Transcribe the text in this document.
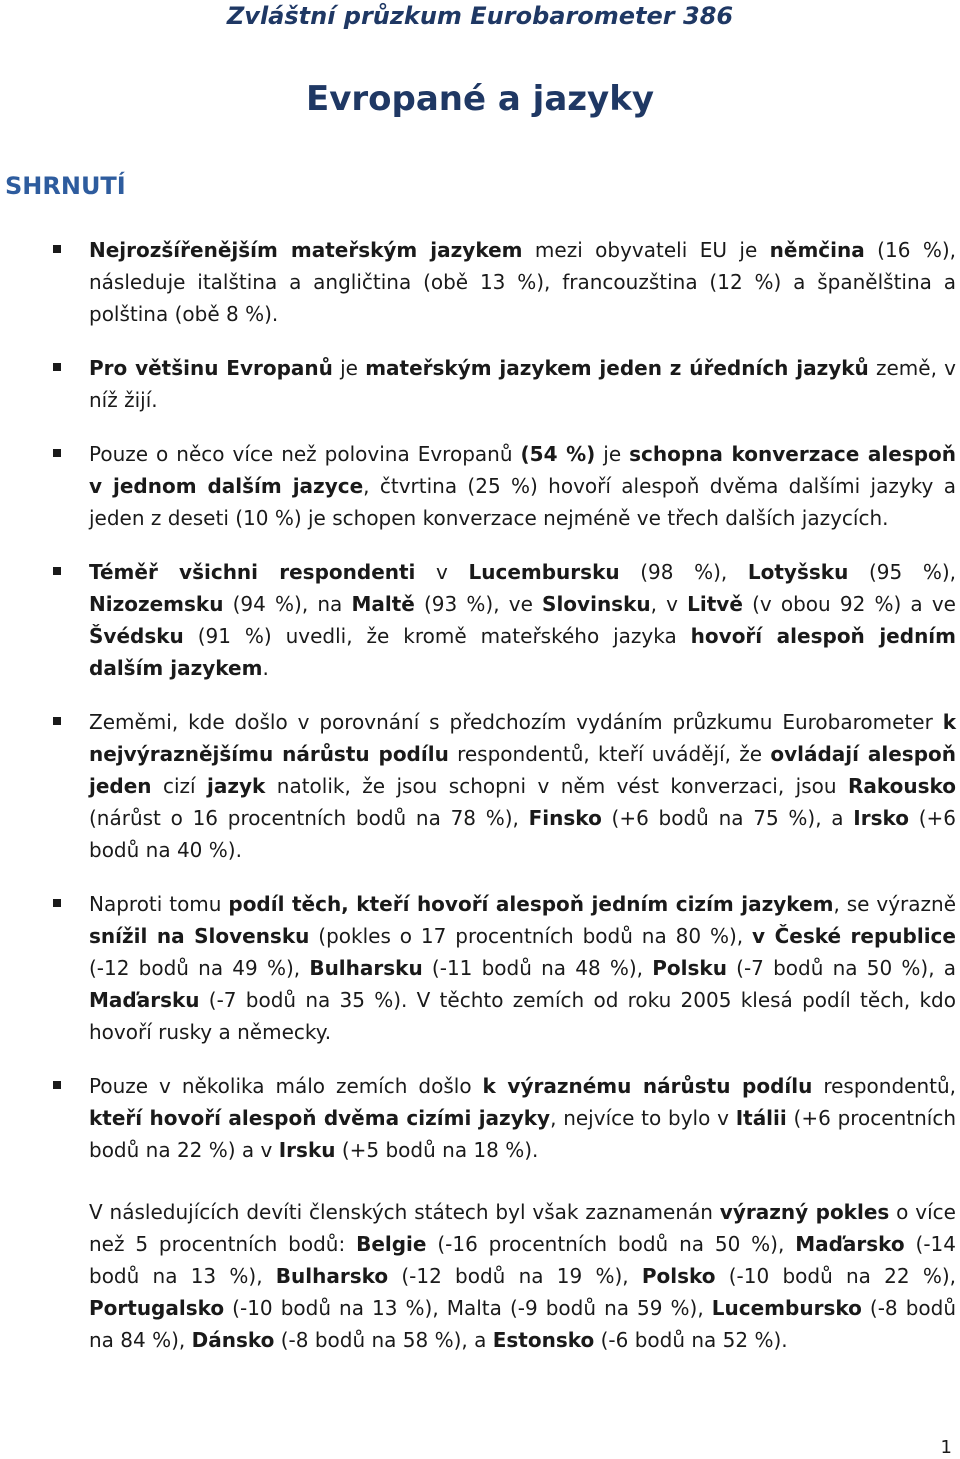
Zvláštní průzkum Eurobarometer 386
Evropané a jazyky
SHRNUTÍ
Nejrozšířenějším mateřským jazykem mezi obyvateli EU je němčina (16 %), následuje italština a angličtina (obě 13 %), francouzština (12 %) a španělština a polština (obě 8 %).
Pro většinu Evropanů je mateřským jazykem jeden z úředních jazyků země, v níž žijí.
Pouze o něco více než polovina Evropanů (54 %) je schopna konverzace alespoň v jednom dalším jazyce, čtvrtina (25 %) hovoří alespoň dvěma dalšími jazyky a jeden z deseti (10 %) je schopen konverzace nejméně ve třech dalších jazycích.
Téměř všichni respondenti v Lucembursku (98 %), Lotyšsku (95 %), Nizozemsku (94 %), na Maltě (93 %), ve Slovinsku, v Litvě (v obou 92 %) a ve Švédsku (91 %) uvedli, že kromě mateřského jazyka hovoří alespoň jedním dalším jazykem.
Zeměmi, kde došlo v porovnání s předchozím vydáním průzkumu Eurobarometer k nejvýraznějšímu nárůstu podílu respondentů, kteří uvádějí, že ovládají alespoň jeden cizí jazyk natolik, že jsou schopni v něm vést konverzaci, jsou Rakousko (nárůst o 16 procentních bodů na 78 %), Finsko (+6 bodů na 75 %), a Irsko (+6 bodů na 40 %).
Naproti tomu podíl těch, kteří hovoří alespoň jedním cizím jazykem, se výrazně snížil na Slovensku (pokles o 17 procentních bodů na 80 %), v České republice (-12 bodů na 49 %), Bulharsku (-11 bodů na 48 %), Polsku (-7 bodů na 50 %), a Maďarsku (-7 bodů na 35 %). V těchto zemích od roku 2005 klesá podíl těch, kdo hovoří rusky a německy.
Pouze v několika málo zemích došlo k výraznému nárůstu podílu respondentů, kteří hovoří alespoň dvěma cizími jazyky, nejvíce to bylo v Itálii (+6 procentních bodů na 22 %) a v Irsku (+5 bodů na 18 %).
V následujících devíti členských státech byl však zaznamenán výrazný pokles o více než 5 procentních bodů: Belgie (-16 procentních bodů na 50 %), Maďarsko (-14 bodů na 13 %), Bulharsko (-12 bodů na 19 %), Polsko (-10 bodů na 22 %), Portugalsko (-10 bodů na 13 %), Malta (-9 bodů na 59 %), Lucembursko (-8 bodů na 84 %), Dánsko (-8 bodů na 58 %), a Estonsko (-6 bodů na 52 %).
1
